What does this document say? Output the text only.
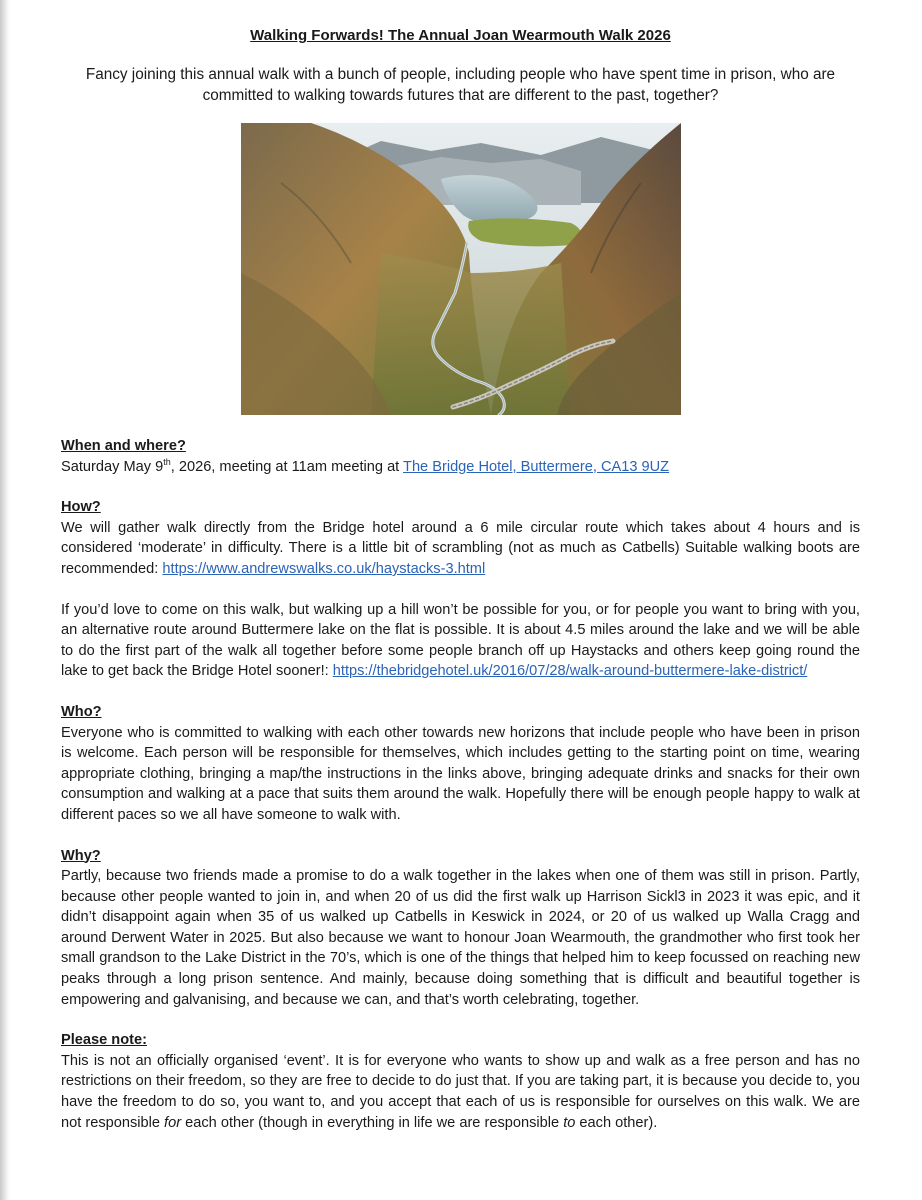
Walking Forwards! The Annual Joan Wearmouth Walk 2026

Fancy joining this annual walk with a bunch of people, including people who have spent time in prison, who are committed to walking towards futures that are different to the past, together?

When and where?
Saturday May 9th, 2026, meeting at 11am meeting at The Bridge Hotel, Buttermere, CA13 9UZ
How?
We will gather walk directly from the Bridge hotel around a 6 mile circular route which takes about 4 hours and is considered ‘moderate’ in difficulty. There is a little bit of scrambling (not as much as Catbells) Suitable walking boots are recommended: https://www.andrewswalks.co.uk/haystacks-3.html
If you’d love to come on this walk, but walking up a hill won’t be possible for you, or for people you want to bring with you, an alternative route around Buttermere lake on the flat is possible. It is about 4.5 miles around the lake and we will be able to do the first part of the walk all together before some people branch off up Haystacks and others keep going round the lake to get back the Bridge Hotel sooner!: https://thebridgehotel.uk/2016/07/28/walk-around-buttermere-lake-district/
Who?
Everyone who is committed to walking with each other towards new horizons that include people who have been in prison is welcome. Each person will be responsible for themselves, which includes getting to the starting point on time, wearing appropriate clothing, bringing a map/the instructions in the links above, bringing adequate drinks and snacks for their own consumption and walking at a pace that suits them around the walk. Hopefully there will be enough people happy to walk at different paces so we all have someone to walk with.
Why?
Partly, because two friends made a promise to do a walk together in the lakes when one of them was still in prison. Partly, because other people wanted to join in, and when 20 of us did the first walk up Harrison Sickl3 in 2023 it was epic, and it didn’t disappoint again when 35 of us walked up Catbells in Keswick in 2024, or 20 of us walked up Walla Cragg and around Derwent Water in 2025. But also because we want to honour Joan Wearmouth, the grandmother who first took her small grandson to the Lake District in the 70’s, which is one of the things that helped him to keep focussed on reaching new peaks through a long prison sentence. And mainly, because doing something that is difficult and beautiful together is empowering and galvanising, and because we can, and that’s worth celebrating, together.
Please note:
This is not an officially organised ‘event’. It is for everyone who wants to show up and walk as a free person and has no restrictions on their freedom, so they are free to decide to do just that. If you are taking part, it is because you decide to, you have the freedom to do so, you want to, and you accept that each of us is responsible for ourselves on this walk. We are not responsible for each other (though in everything in life we are responsible to each other).
